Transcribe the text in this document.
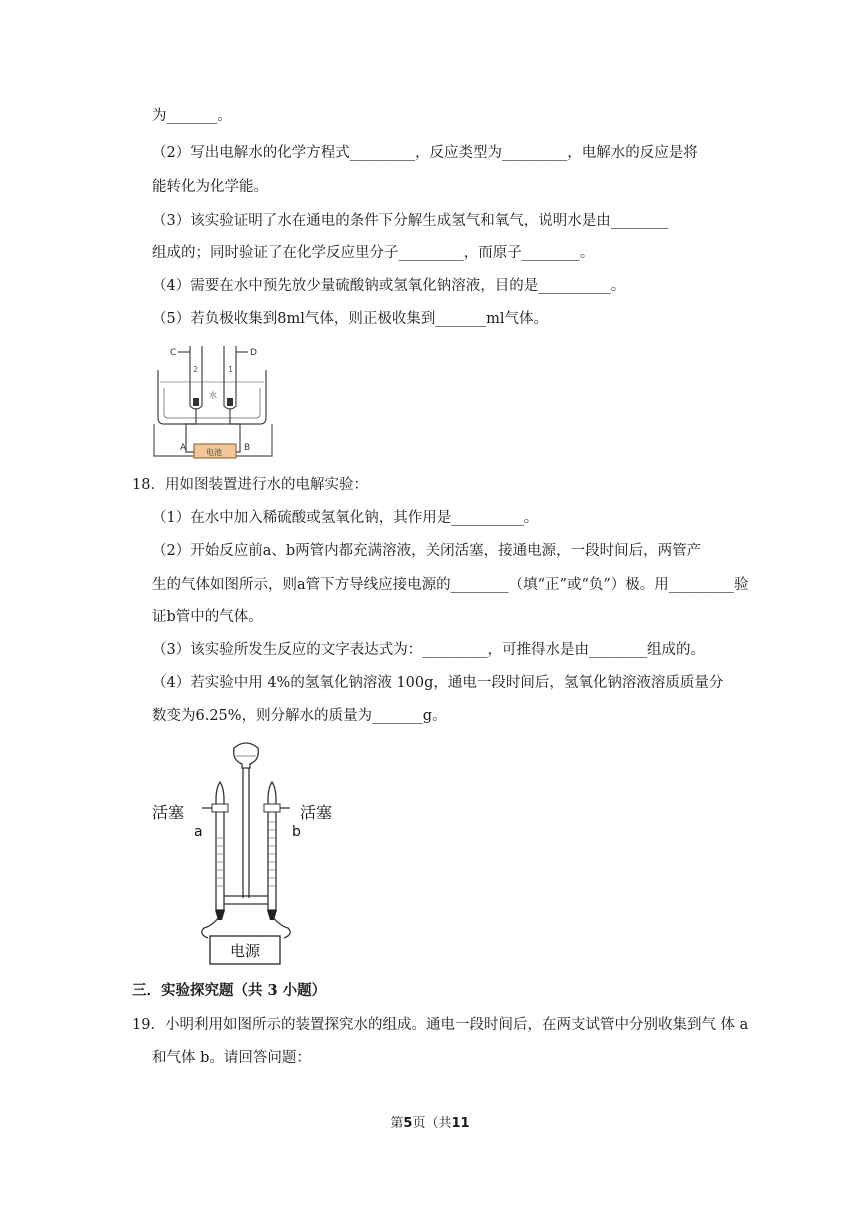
为_______。
（2）写出电解水的化学方程式_________，反应类型为_________，电解水的反应是将
能转化为化学能。
（3）该实验证明了水在通电的条件下分解生成氢气和氧气，说明水是由________
组成的；同时验证了在化学反应里分子_________，而原子________。
（4）需要在水中预先放少量硫酸钠或氢氧化钠溶液，目的是__________。
（5）若负极收集到8ml气体，则正极收集到_______ml气体。
C	D
2	1
水
A	B
电池
18．用如图装置进行水的电解实验：
（1）在水中加入稀硫酸或氢氧化钠，其作用是__________。
（2）开始反应前a、b两管内都充满溶液，关闭活塞，接通电源，一段时间后，两管产
生的气体如图所示，则a管下方导线应接电源的________（填“正”或“负”）极。用_________验
证b管中的气体。
（3）该实验所发生反应的文字表达式为：_________，可推得水是由________组成的。
（4）若实验中用 4%的氢氧化钠溶液 100g，通电一段时间后，氢氧化钠溶液溶质质量分
数变为6.25%，则分解水的质量为_______g。
电源
活塞	活塞
a	b
三．实验探究题（共 3 小题）
19．小明利用如图所示的装置探究水的组成。通电一段时间后，在两支试管中分别收集到气 体 a
和气体 b。请回答问题：
第5页（共11
